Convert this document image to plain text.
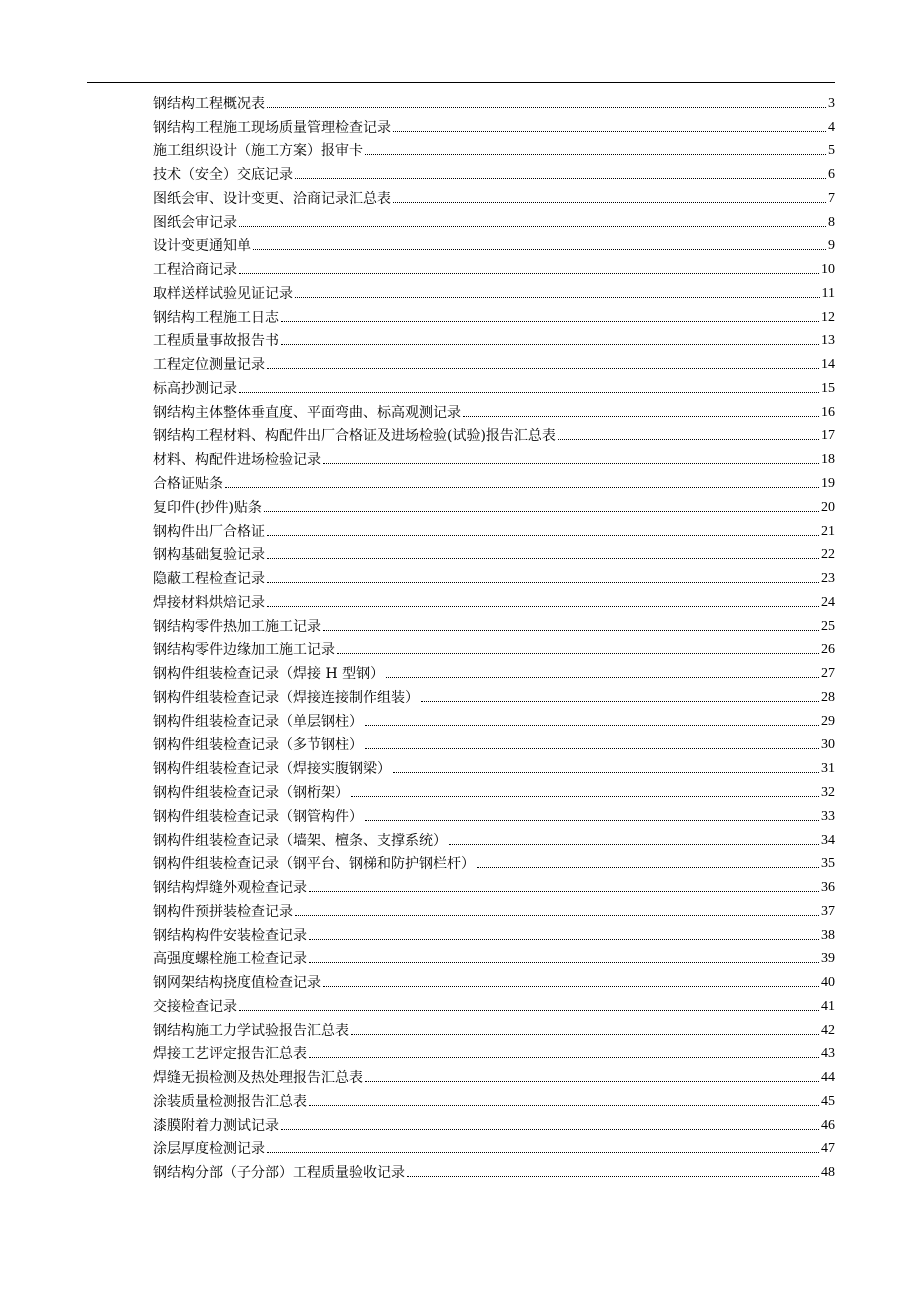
钢结构工程概况表	3
钢结构工程施工现场质量管理检查记录	4
施工组织设计（施工方案）报审卡	5
技术（安全）交底记录	6
图纸会审、设计变更、洽商记录汇总表	7
图纸会审记录	8
设计变更通知单	9
工程洽商记录	10
取样送样试验见证记录	11
钢结构工程施工日志	12
工程质量事故报告书	13
工程定位测量记录	14
标高抄测记录	15
钢结构主体整体垂直度、平面弯曲、标高观测记录	16
钢结构工程材料、构配件出厂合格证及进场检验(试验)报告汇总表	17
材料、构配件进场检验记录	18
合格证贴条	19
复印件(抄件)贴条	20
钢构件出厂合格证	21
钢构基础复验记录	22
隐蔽工程检查记录	23
焊接材料烘焙记录	24
钢结构零件热加工施工记录	25
钢结构零件边缘加工施工记录	26
钢构件组装检查记录（焊接 H 型钢）	27
钢构件组装检查记录（焊接连接制作组装）	28
钢构件组装检查记录（单层钢柱）	29
钢构件组装检查记录（多节钢柱）	30
钢构件组装检查记录（焊接实腹钢梁）	31
钢构件组装检查记录（钢桁架）	32
钢构件组装检查记录（钢管构件）	33
钢构件组装检查记录（墙架、檀条、支撑系统）	34
钢构件组装检查记录（钢平台、钢梯和防护钢栏杆）	35
钢结构焊缝外观检查记录	36
钢构件预拼装检查记录	37
钢结构构件安装检查记录	38
高强度螺栓施工检查记录	39
钢网架结构挠度值检查记录	40
交接检查记录	41
钢结构施工力学试验报告汇总表	42
焊接工艺评定报告汇总表	43
焊缝无损检测及热处理报告汇总表	44
涂装质量检测报告汇总表	45
漆膜附着力测试记录	46
涂层厚度检测记录	47
钢结构分部（子分部）工程质量验收记录	48
